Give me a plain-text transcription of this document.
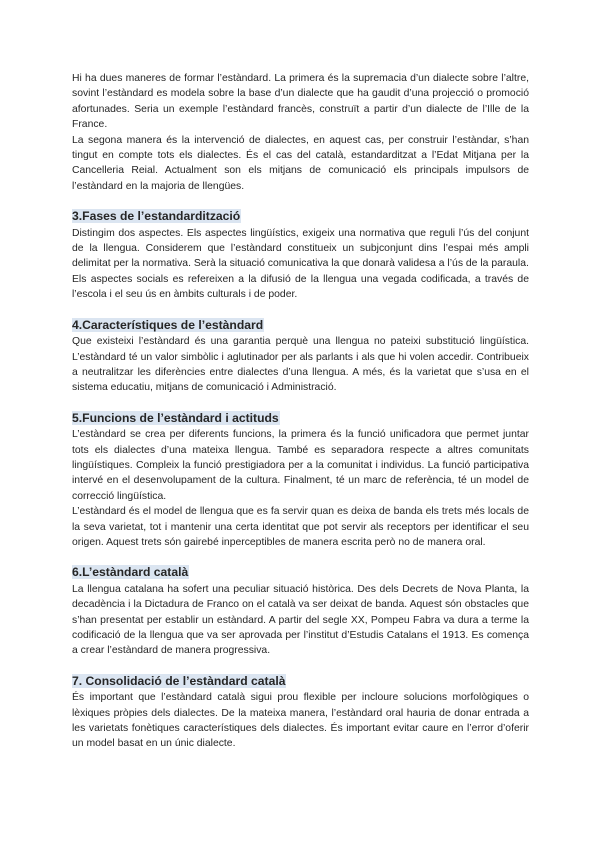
Hi ha dues maneres de formar l’estàndard. La primera és la supremacia d’un dialecte sobre l’altre, sovint l’estàndard es modela sobre la base d’un dialecte que ha gaudit d’una projecció o promoció afortunades. Seria un exemple l’estàndard francès, construït a partir d’un dialecte de l’Ille de la France.

La segona manera és la intervenció de dialectes, en aquest cas, per construir l’estàndar, s’han tingut en compte tots els dialectes. És el cas del català, estandarditzat a l’Edat Mitjana per la Cancelleria Reial. Actualment son els mitjans de comunicació els principals impulsors de l’estàndard en la majoria de llengües.

3.Fases de l’estandardització

Distingim dos aspectes. Els aspectes lingüístics, exigeix una normativa que reguli l’ús del conjunt de la llengua. Considerem que l’estàndard constitueix un subjconjunt dins l’espai més ampli delimitat per la normativa. Serà la situació comunicativa la que donarà validesa a l’ús de la paraula.

Els aspectes socials es refereixen a la difusió de la llengua una vegada codificada, a través de l’escola i el seu ús en àmbits culturals i de poder.

4.Característiques de l’estàndard

Que existeixi l’estàndard és una garantia perquè una llengua no pateixi substitució lingüística. L’estàndard té un valor simbòlic i aglutinador per als parlants i als que hi volen accedir. Contribueix a neutralitzar les diferències entre dialectes d’una llengua. A més, és la varietat que s’usa en el sistema educatiu, mitjans de comunicació i Administració.

5.Funcions de l’estàndard i actituds

L’estàndard se crea per diferents funcions, la primera és la funció unificadora que permet juntar tots els dialectes d’una mateixa llengua. També es separadora respecte a altres comunitats lingüístiques. Compleix la funció prestigiadora per a la comunitat i individus. La funció participativa intervé en el desenvolupament de la cultura. Finalment, té un marc de referència, té un model de correcció lingüística.

L’estàndard és el model de llengua que es fa servir quan es deixa de banda els trets més locals de la seva varietat, tot i mantenir una certa identitat que pot servir als receptors per identificar el seu origen. Aquest trets són gairebé inperceptibles de manera escrita però no de manera oral.

6.L’estàndard català

La llengua catalana ha sofert una peculiar situació històrica. Des dels Decrets de Nova Planta, la decadència i la Dictadura de Franco on el català va ser deixat de banda. Aquest són obstacles que s’han presentat per establir un estàndard. A partir del segle XX, Pompeu Fabra va dura a terme la codificació de la llengua que va ser aprovada per l’institut d’Estudis Catalans el 1913. Es començа a crear l’estàndard de manera progressiva.

7. Consolidació de l’estàndard català

És important que l’estàndard català sigui prou flexible per incloure solucions morfològiques o lèxiques pròpies dels dialectes. De la mateixa manera, l’estàndard oral hauria de donar entrada a les varietats fonètiques característiques dels dialectes. És important evitar caure en l’error d’oferir un model basat en un únic dialecte.
